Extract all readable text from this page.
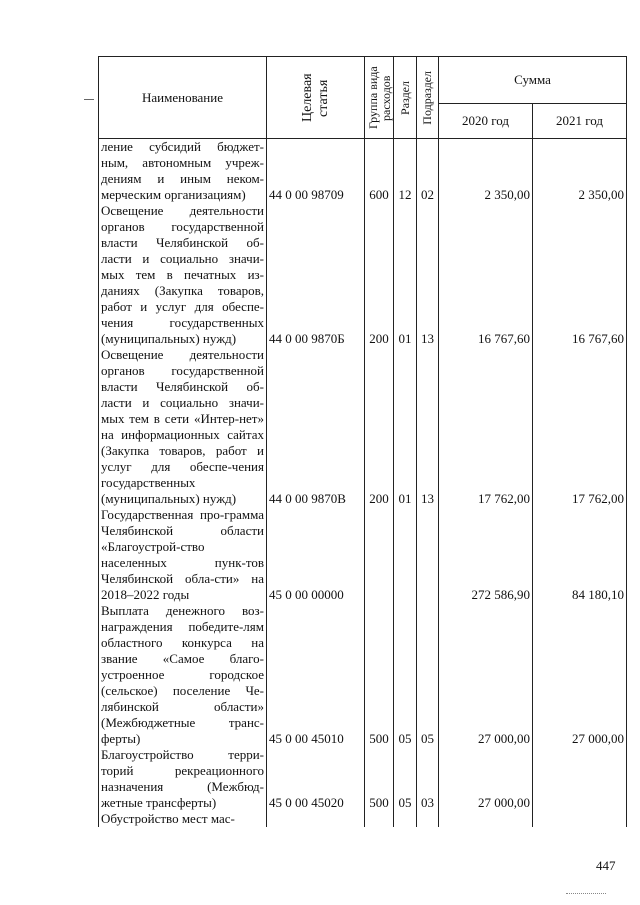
Наименование	Целевая статья	Группа вида расходов	Раздел	Подраздел	Сумма	
					2020 год	2021 год
ление субсидий бюджет-ным, автономным учреж-дениям и иным неком-мерческим организациям)	44 0 00 98709	600	12	02	2 350,00	2 350,00
Освещение деятельности органов государственной власти Челябинской об-ласти и социально значи-мых тем в печатных из-даниях (Закупка товаров, работ и услуг для обеспе-чения государственных (муниципальных) нужд)	44 0 00 9870Б	200	01	13	16 767,60	16 767,60
Освещение деятельности органов государственной власти Челябинской об-ласти и социально значи-мых тем в сети «Интер-нет» на информационных сайтах (Закупка товаров, работ и услуг для обеспе-чения государственных (муниципальных) нужд)	44 0 00 9870В	200	01	13	17 762,00	17 762,00
Государственная про-грамма Челябинской области «Благоустрой-ство населенных пунк-тов Челябинской обла-сти» на 2018–2022 годы	45 0 00 00000				272 586,90	84 180,10
Выплата денежного воз-награждения победите-лям областного конкурса на звание «Самое благо-устроенное городское (сельское) поселение Че-лябинской области» (Межбюджетные транс-ферты)	45 0 00 45010	500	05	05	27 000,00	27 000,00
Благоустройство терри-торий рекреационного назначения (Межбюд-жетные трансферты)	45 0 00 45020	500	05	03	27 000,00	
Обустройство мест мас-						
447
